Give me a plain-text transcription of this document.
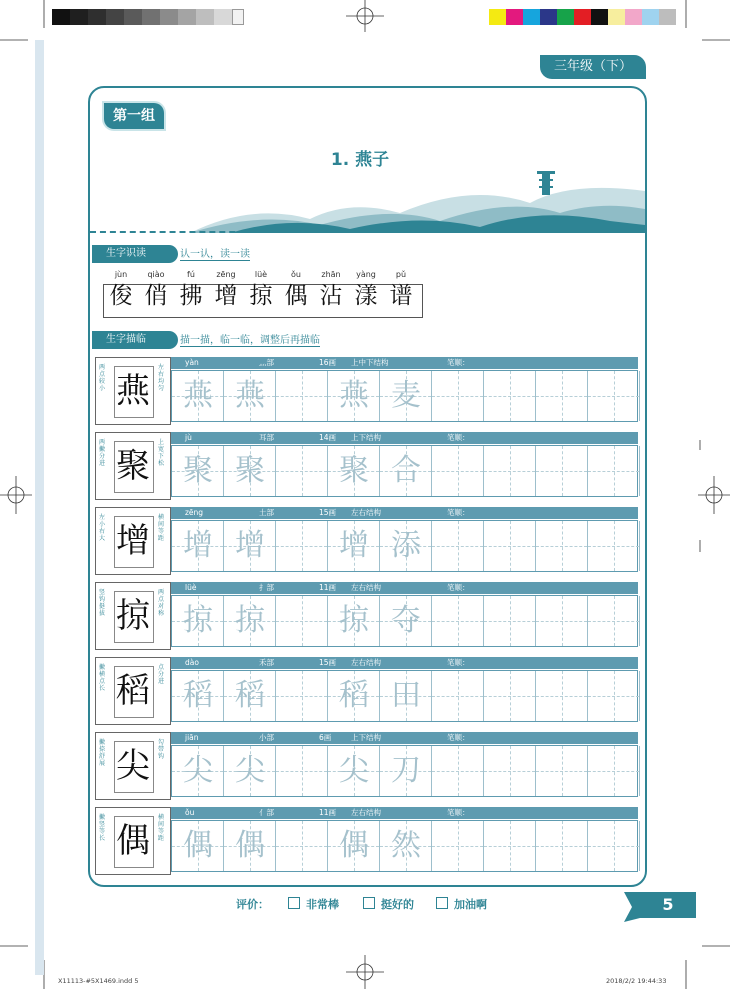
三年级（下）
第一组
1. 燕子
生字识读	认一认，读一读
jùn
俊
qiào
俏
fú
拂
zēng
增
lüè
掠
ǒu
偶
zhān
沾
yàng
漾
pǔ
谱
生字描临	描一描，临一临，调整后再描临
燕
两点较小
左右均匀
yàn	灬部	16画 上中下结构	笔顺：
燕 燕	燕 麦
聚
两撇分进
上宽下松
jù	耳部	14画 上下结构	笔顺：
聚 聚	聚 合
增
左小右大
横间等距
zēng	土部	15画 左右结构	笔顺：
增 增	增 添
掠
竖钩挺拔
两点对称
lüè	扌部	11画 左右结构	笔顺：
掠 掠	掠 夺
稻
撇横点长
点分进
dào	禾部	15画 左右结构	笔顺：
稻 稻	稻 田
尖
撇捺舒展
勾带钩
jiān	小部	6画	上下结构	笔顺：
尖 尖	尖 刀
偶
撇竖等长
横间等距
ǒu	亻部	11画 左右结构	笔顺：
偶 偶	偶 然
评价：	非常棒	挺好的	加油啊	5
X11113-#5X1469.indd 5	2018/2/2 19:44:33
